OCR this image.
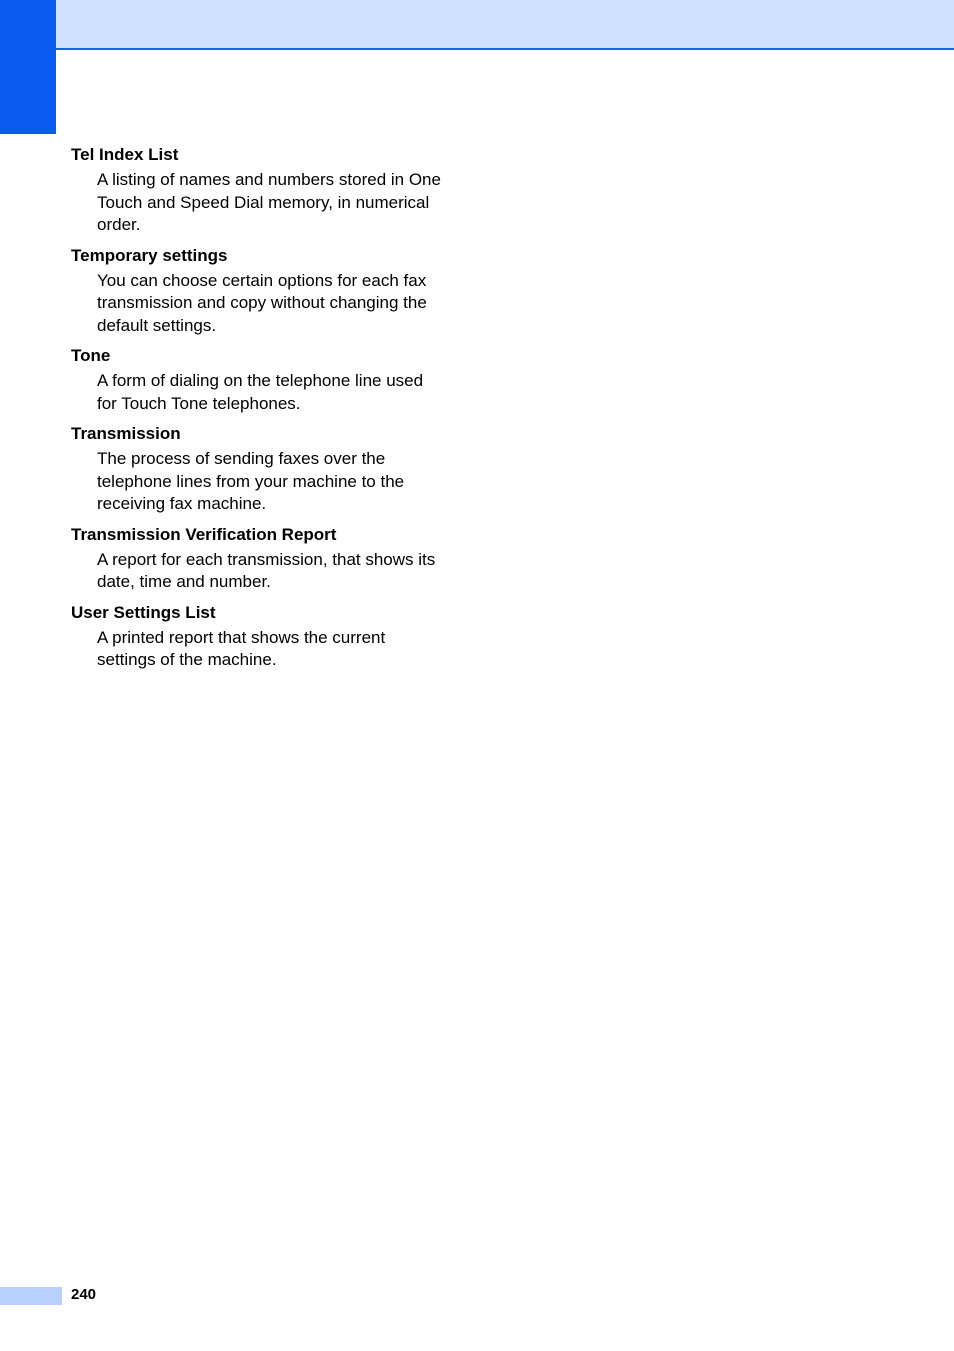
Tel Index List
A listing of names and numbers stored in One Touch and Speed Dial memory, in numerical order.
Temporary settings
You can choose certain options for each fax transmission and copy without changing the default settings.
Tone
A form of dialing on the telephone line used for Touch Tone telephones.
Transmission
The process of sending faxes over the telephone lines from your machine to the receiving fax machine.
Transmission Verification Report
A report for each transmission, that shows its date, time and number.
User Settings List
A printed report that shows the current settings of the machine.
240
